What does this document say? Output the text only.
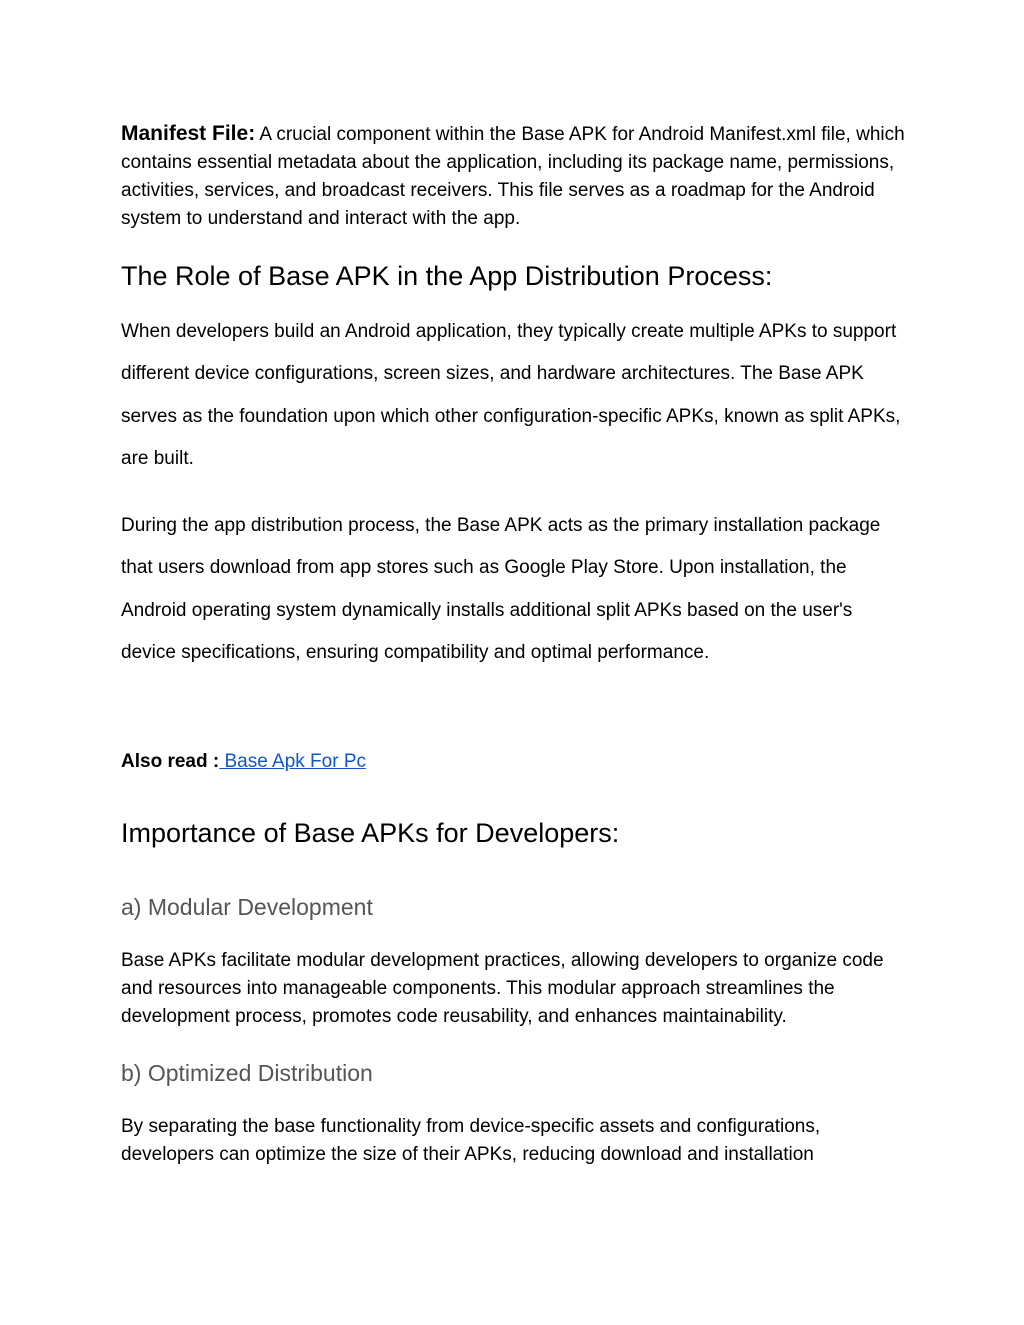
Manifest File: A crucial component within the Base APK for Android Manifest.xml file, which contains essential metadata about the application, including its package name, permissions, activities, services, and broadcast receivers. This file serves as a roadmap for the Android system to understand and interact with the app.

The Role of Base APK in the App Distribution Process:

When developers build an Android application, they typically create multiple APKs to support different device configurations, screen sizes, and hardware architectures. The Base APK serves as the foundation upon which other configuration-specific APKs, known as split APKs, are built.

During the app distribution process, the Base APK acts as the primary installation package that users download from app stores such as Google Play Store. Upon installation, the Android operating system dynamically installs additional split APKs based on the user's device specifications, ensuring compatibility and optimal performance.

Also read : Base Apk For Pc

Importance of Base APKs for Developers:
a) Modular Development

Base APKs facilitate modular development practices, allowing developers to organize code and resources into manageable components. This modular approach streamlines the development process, promotes code reusability, and enhances maintainability.

b) Optimized Distribution

By separating the base functionality from device-specific assets and configurations, developers can optimize the size of their APKs, reducing download and installation
